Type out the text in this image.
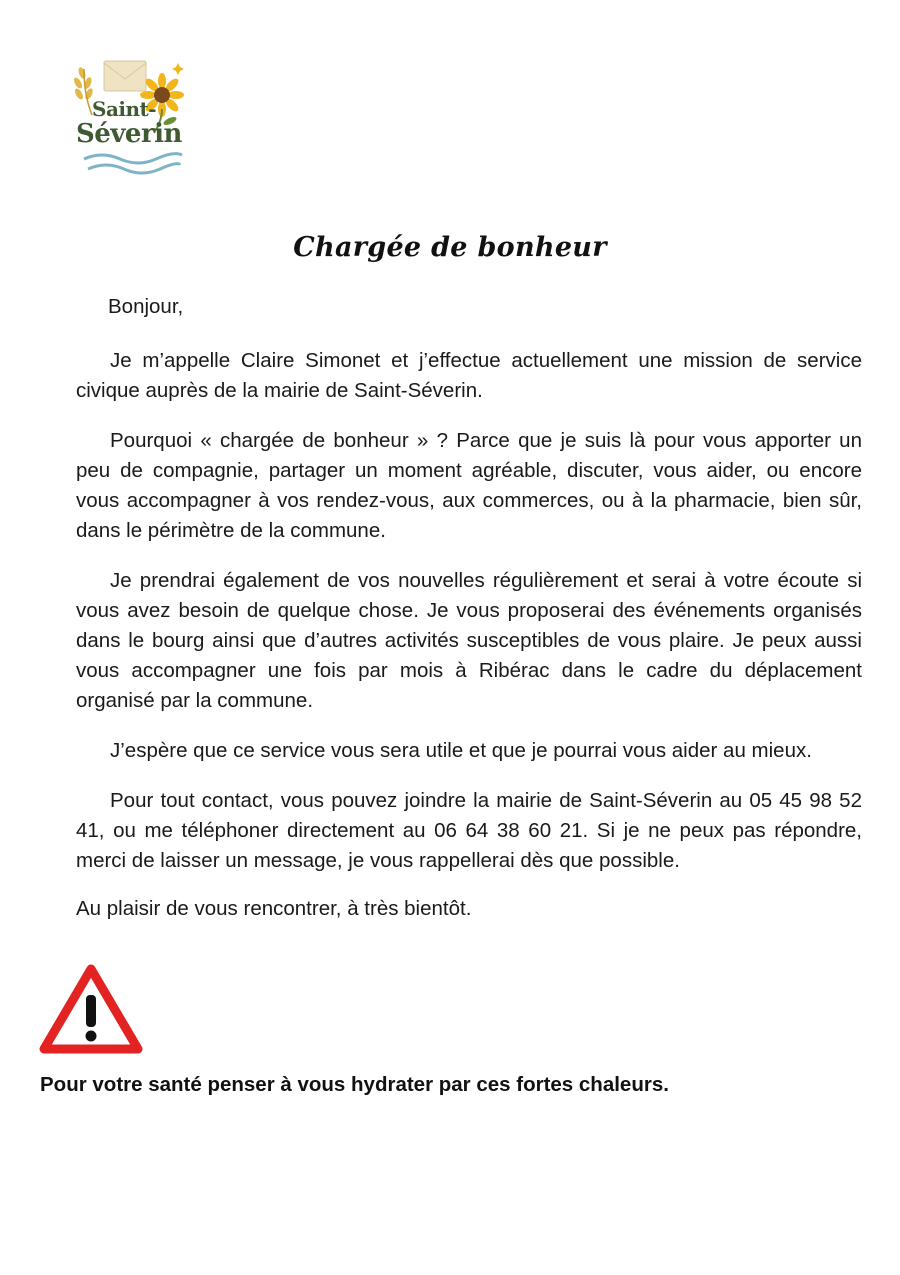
Saint-
Séverin
Chargée de bonheur

Bonjour,

Je m’appelle Claire Simonet et j’effectue actuellement une mission de service civique auprès de la mairie de Saint-Séverin.

Pourquoi « chargée de bonheur » ? Parce que je suis là pour vous apporter un peu de compagnie, partager un moment agréable, discuter, vous aider, ou encore vous accompagner à vos rendez-vous, aux commerces, ou à la pharmacie, bien sûr, dans le périmètre de la commune.

Je prendrai également de vos nouvelles régulièrement et serai à votre écoute si vous avez besoin de quelque chose. Je vous proposerai des événements organisés dans le bourg ainsi que d’autres activités susceptibles de vous plaire. Je peux aussi vous accompagner une fois par mois à Ribérac dans le cadre du déplacement organisé par la commune.

J’espère que ce service vous sera utile et que je pourrai vous aider au mieux.

Pour tout contact, vous pouvez joindre la mairie de Saint-Séverin au 05 45 98 52 41, ou me téléphoner directement au 06 64 38 60 21. Si je ne peux pas répondre, merci de laisser un message, je vous rappellerai dès que possible.

Au plaisir de vous rencontrer, à très bientôt.

Pour votre santé penser à vous hydrater par ces fortes chaleurs.
